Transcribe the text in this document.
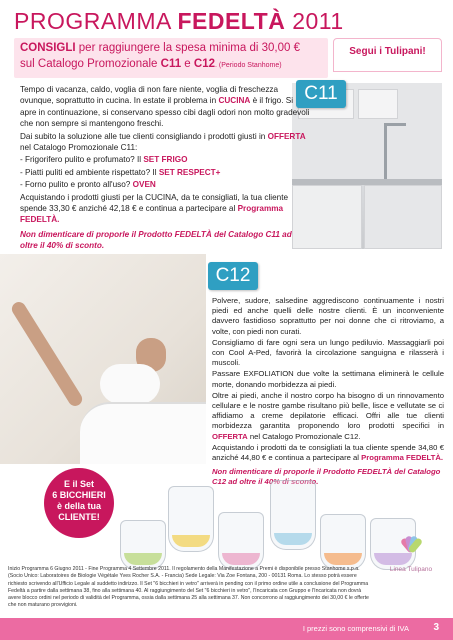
PROGRAMMA FEDELTÀ 2011
CONSIGLI per raggiungere la spesa minima di 30,00 €
sul Catalogo Promozionale C11 e C12. (Periodo Stanhome)
Segui i Tulipani!
C11

Tempo di vacanza, caldo, voglia di non fare niente, voglia di freschezza ovunque, soprattutto in cucina. In estate il problema in CUCINA è il frigo. Si apre in continuazione, si conservano spesso cibi dagli odori non molto gradevoli che non sempre si mantengono freschi.

Dai subito la soluzione alle tue clienti consigliando i prodotti giusti in OFFERTA nel Catalogo Promozionale C11:

- Frigorifero pulito e profumato? Il SET FRIGO

- Piatti puliti ed ambiente rispettato? Il SET RESPECT+

- Forno pulito e pronto all'uso? OVEN

Acquistando i prodotti giusti per la CUCINA, da te consigliati, la tua cliente spende 33,30 € anziché 42,18 € e continua a partecipare al Programma FEDELTÀ.

Non dimenticare di proporle il Prodotto FEDELTÀ del Catalogo C11 ad oltre il 40% di sconto.

C12

Polvere, sudore, salsedine aggrediscono continuamente i nostri piedi ed anche quelli delle nostre clienti. È un inconveniente davvero fastidioso soprattutto per noi donne che ci ritroviamo, a volte, con piedi non curati.

Consigliamo di fare ogni sera un lungo pediluvio. Massaggiarli poi con Cool A-Ped, favorirà la circolazione sanguigna e rilasserà i muscoli.

Passare EXFOLIATION due volte la settimana eliminerà le cellule morte, donando morbidezza ai piedi.

Oltre ai piedi, anche il nostro corpo ha bisogno di un rinnovamento cellulare e le nostre gambe risultano più belle, lisce e vellutate se ci affidiamo a creme depilatorie efficaci. Offri alle tue clienti morbidezza garantita proponendo loro prodotti specifici in OFFERTA nel Catalogo Promozionale C12.

Acquistando i prodotti da te consigliati la tua cliente spende 34,80 € anziché 44,80 € e continua a partecipare al Programma FEDELTÀ.

Non dimenticare di proporle il Prodotto FEDELTÀ del Catalogo C12 ad oltre il 40% di sconto.

E il Set
6 BICCHIERI
è della tua
CLIENTE!
Linea Tulipano
Inizio Programma 6 Giugno 2011 - Fine Programma 4 Settembre 2011. Il regolamento della Manifestazione a Premi è disponibile presso Stanhome s.p.a. (Socio Unico: Laboratoires de Biologie Végétale Yves Rocher S.A. - Francia) Sede Legale: Via Zoe Fontana, 200 - 00131 Roma. Lo stesso potrà essere richiesto scrivendo all'Ufficio Legale al suddetto indirizzo. Il Set "6 bicchieri in vetro" arriverà in pending con il primo ordine utile a conclusione del Programma Fedeltà a partire dalla settimana 38, fino alla settimana 40. Al raggiungimento del Set "6 bicchieri in vetro", l'Incaricata con Gruppo e l'Incaricata non dovrà avere blocco ordini nel periodo di validità del Programma, ossia dalla settimana 25 alla settimana 37. Non concorrono al raggiungimento dei 30,00 € le offerte che non maturano provvigioni.
I prezzi sono comprensivi di IVA 3
